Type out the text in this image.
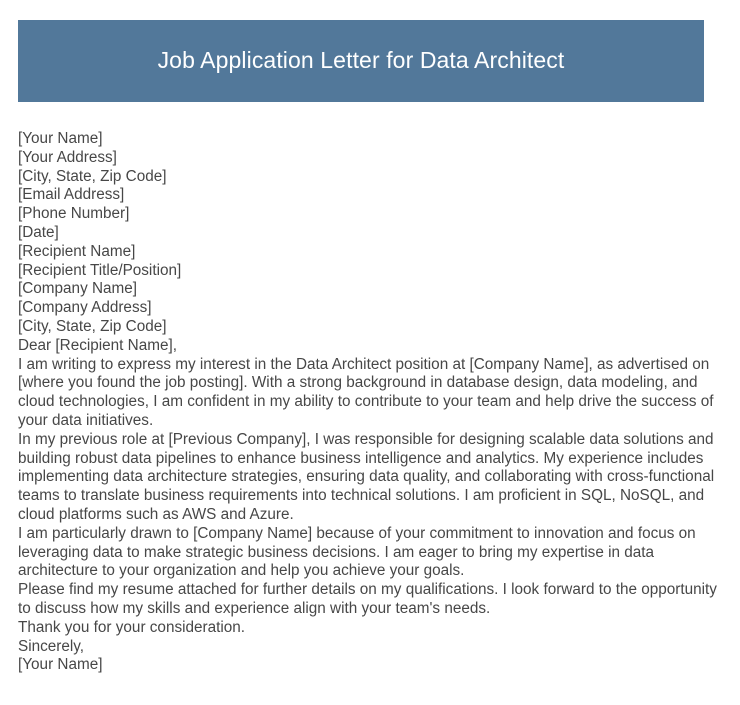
Job Application Letter for Data Architect
[Your Name]
[Your Address]
[City, State, Zip Code]
[Email Address]
[Phone Number]
[Date]
[Recipient Name]
[Recipient Title/Position]
[Company Name]
[Company Address]
[City, State, Zip Code]
Dear [Recipient Name],
I am writing to express my interest in the Data Architect position at [Company Name], as advertised on [where you found the job posting]. With a strong background in database design, data modeling, and cloud technologies, I am confident in my ability to contribute to your team and help drive the success of your data initiatives.
In my previous role at [Previous Company], I was responsible for designing scalable data solutions and building robust data pipelines to enhance business intelligence and analytics. My experience includes implementing data architecture strategies, ensuring data quality, and collaborating with cross-functional teams to translate business requirements into technical solutions. I am proficient in SQL, NoSQL, and cloud platforms such as AWS and Azure.
I am particularly drawn to [Company Name] because of your commitment to innovation and focus on leveraging data to make strategic business decisions. I am eager to bring my expertise in data architecture to your organization and help you achieve your goals.
Please find my resume attached for further details on my qualifications. I look forward to the opportunity to discuss how my skills and experience align with your team's needs.
Thank you for your consideration.
Sincerely,
[Your Name]
